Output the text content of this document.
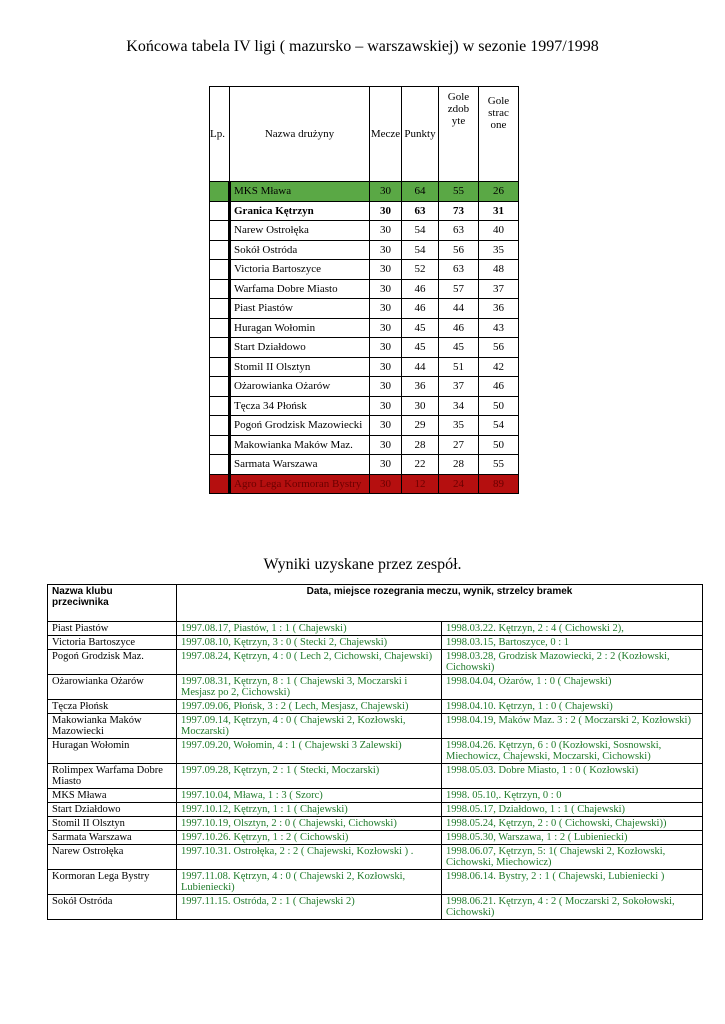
Końcowa tabela IV ligi ( mazursko – warszawskiej) w sezonie 1997/1998
Lp.	Nazwa drużyny	Mecze	Punkty	Gole zdobyte	Gole stracone
	MKS Mława	30	64	55	26
	Granica Kętrzyn	30	63	73	31
	Narew Ostrołęka	30	54	63	40
	Sokół Ostróda	30	54	56	35
	Victoria Bartoszyce	30	52	63	48
	Warfama Dobre Miasto	30	46	57	37
	Piast Piastów	30	46	44	36
	Huragan Wołomin	30	45	46	43
	Start Działdowo	30	45	45	56
	Stomil II Olsztyn	30	44	51	42
	Ożarowianka Ożarów	30	36	37	46
	Tęcza 34 Płońsk	30	30	34	50
	Pogoń Grodzisk Mazowiecki	30	29	35	54
	Makowianka Maków Maz.	30	28	27	50
	Sarmata Warszawa	30	22	28	55
	Agro Lega Kormoran Bystry	30	12	24	89
Wyniki uzyskane przez zespół.
Nazwa klubu przeciwnika	Data, miejsce rozegrania meczu, wynik, strzelcy bramek	
Piast Piastów	1997.08.17, Piastów, 1 : 1 ( Chajewski)	1998.03.22. Kętrzyn, 2 : 4 ( Cichowski 2),
Victoria Bartoszyce	1997.08.10, Kętrzyn, 3 : 0 ( Stecki 2, Chajewski)	1998.03.15, Bartoszyce, 0 : 1
Pogoń Grodzisk Maz.	1997.08.24, Kętrzyn, 4 : 0 ( Lech 2, Cichowski, Chajewski)	1998.03.28, Grodzisk Mazowiecki, 2 : 2 (Kozłowski, Cichowski)
Ożarowianka Ożarów	1997.08.31, Kętrzyn, 8 : 1 ( Chajewski 3, Moczarski i Mesjasz po 2, Cichowski)	1998.04.04, Ożarów, 1 : 0 ( Chajewski)
Tęcza Płońsk	1997.09.06, Płońsk, 3 : 2 ( Lech, Mesjasz, Chajewski)	1998.04.10. Kętrzyn, 1 : 0 ( Chajewski)
Makowianka Maków Mazowiecki	1997.09.14, Kętrzyn, 4 : 0 ( Chajewski 2, Kozłowski, Moczarski)	1998.04.19, Maków Maz. 3 : 2 ( Moczarski 2, Kozłowski)
Huragan Wołomin	1997.09.20, Wołomin, 4 : 1 ( Chajewski 3 Zalewski)	1998.04.26. Kętrzyn, 6 : 0 (Kozłowski, Sosnowski, Miechowicz, Chajewski, Moczarski, Cichowski)
Rolimpex Warfama Dobre Miasto	1997.09.28, Kętrzyn, 2 : 1 ( Stecki, Moczarski)	1998.05.03. Dobre Miasto, 1 : 0 ( Kozłowski)
MKS Mława	1997.10.04, Mława, 1 : 3 ( Szorc)	1998. 05.10,. Kętrzyn, 0 : 0
Start Działdowo	1997.10.12, Kętrzyn, 1 : 1 ( Chajewski)	1998.05.17, Działdowo, 1 : 1 ( Chajewski)
Stomil II Olsztyn	1997.10.19, Olsztyn, 2 : 0 ( Chajewski, Cichowski)	1998.05.24, Kętrzyn, 2 : 0 ( Cichowski, Chajewski))
Sarmata Warszawa	1997.10.26. Kętrzyn, 1 : 2 ( Cichowski)	1998.05.30, Warszawa, 1 : 2 ( Lubieniecki)
Narew Ostrołęka	1997.10.31. Ostrołęka, 2 : 2 ( Chajewski, Kozłowski ) .	1998.06.07, Kętrzyn, 5: 1( Chajewski 2, Kozłowski, Cichowski, Miechowicz)
Kormoran Lega Bystry	1997.11.08. Kętrzyn, 4 : 0 ( Chajewski 2, Kozłowski, Lubieniecki)	1998.06.14. Bystry, 2 : 1 ( Chajewski, Lubieniecki )
Sokół Ostróda	1997.11.15. Ostróda, 2 : 1 ( Chajewski 2)	1998.06.21. Kętrzyn, 4 : 2 ( Moczarski 2, Sokołowski, Cichowski)
